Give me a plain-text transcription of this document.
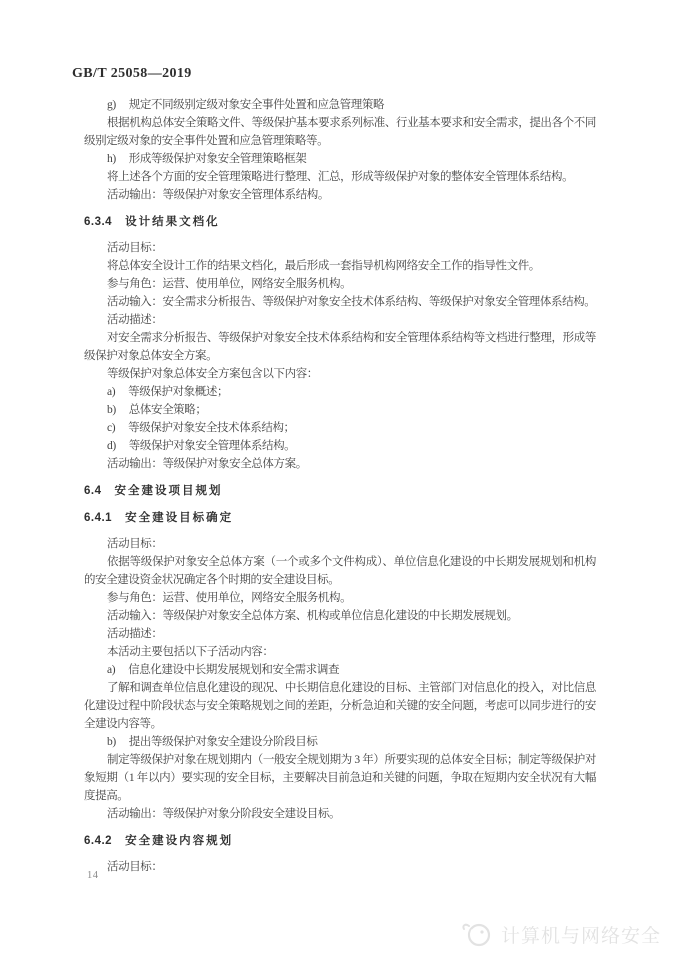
GB/T 25058—2019

g) 规定不同级别定级对象安全事件处置和应急管理策略

根据机构总体安全策略文件、等级保护基本要求系列标准、行业基本要求和安全需求，提出各个不同级别定级对象的安全事件处置和应急管理策略等。

h) 形成等级保护对象安全管理策略框架

将上述各个方面的安全管理策略进行整理、汇总，形成等级保护对象的整体安全管理体系结构。

活动输出：等级保护对象安全管理体系结构。

6.3.4 设计结果文档化

活动目标：

将总体安全设计工作的结果文档化，最后形成一套指导机构网络安全工作的指导性文件。

参与角色：运营、使用单位，网络安全服务机构。

活动输入：安全需求分析报告、等级保护对象安全技术体系结构、等级保护对象安全管理体系结构。

活动描述：

对安全需求分析报告、等级保护对象安全技术体系结构和安全管理体系结构等文档进行整理，形成等级保护对象总体安全方案。

等级保护对象总体安全方案包含以下内容：

a) 等级保护对象概述；

b) 总体安全策略；

c) 等级保护对象安全技术体系结构；

d) 等级保护对象安全管理体系结构。

活动输出：等级保护对象安全总体方案。

6.4 安全建设项目规划

6.4.1 安全建设目标确定

活动目标：

依据等级保护对象安全总体方案（一个或多个文件构成）、单位信息化建设的中长期发展规划和机构的安全建设资金状况确定各个时期的安全建设目标。

参与角色：运营、使用单位，网络安全服务机构。

活动输入：等级保护对象安全总体方案、机构或单位信息化建设的中长期发展规划。

活动描述：

本活动主要包括以下子活动内容：

a) 信息化建设中长期发展规划和安全需求调查

了解和调查单位信息化建设的现况、中长期信息化建设的目标、主管部门对信息化的投入，对比信息化建设过程中阶段状态与安全策略规划之间的差距，分析急迫和关键的安全问题，考虑可以同步进行的安全建设内容等。

b) 提出等级保护对象安全建设分阶段目标

制定等级保护对象在规划期内（一般安全规划期为 3 年）所要实现的总体安全目标；制定等级保护对象短期（1 年以内）要实现的安全目标，主要解决目前急迫和关键的问题，争取在短期内安全状况有大幅度提高。

活动输出：等级保护对象分阶段安全建设目标。

6.4.2 安全建设内容规划

活动目标：

14
计算机与网络安全
